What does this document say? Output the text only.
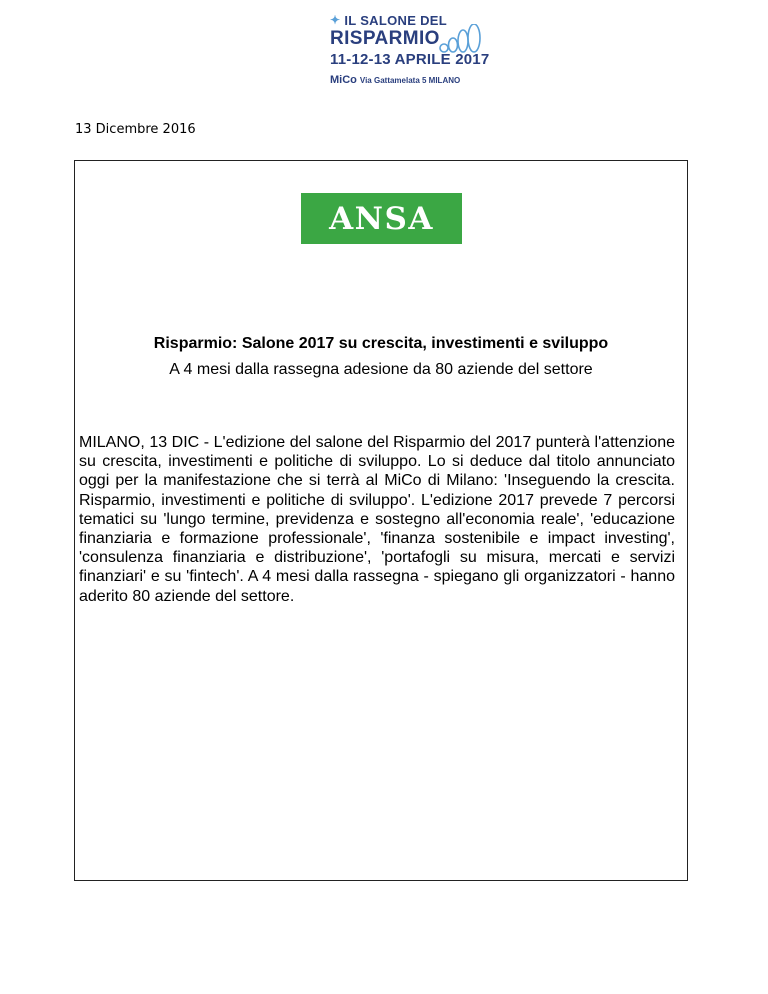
✦ IL SALONE DEL
RISPARMIO
11-12-13 APRILE 2017
MiCo Via Gattamelata 5 MILANO
13 Dicembre 2016
ANSA
Risparmio: Salone 2017 su crescita, investimenti e sviluppo
A 4 mesi dalla rassegna adesione da 80 aziende del settore
MILANO, 13 DIC - L'edizione del salone del Risparmio del 2017 punterà l'attenzione su crescita, investimenti e politiche di sviluppo. Lo si deduce dal titolo annunciato oggi per la manifestazione che si terrà al MiCo di Milano: 'Inseguendo la crescita. Risparmio, investimenti e politiche di sviluppo'. L'edizione 2017 prevede 7 percorsi tematici su 'lungo termine, previdenza e sostegno all'economia reale', 'educazione finanziaria e formazione professionale', 'finanza sostenibile e impact investing', 'consulenza finanziaria e distribuzione', 'portafogli su misura, mercati e servizi finanziari' e su 'fintech'. A 4 mesi dalla rassegna - spiegano gli organizzatori - hanno aderito 80 aziende del settore.
